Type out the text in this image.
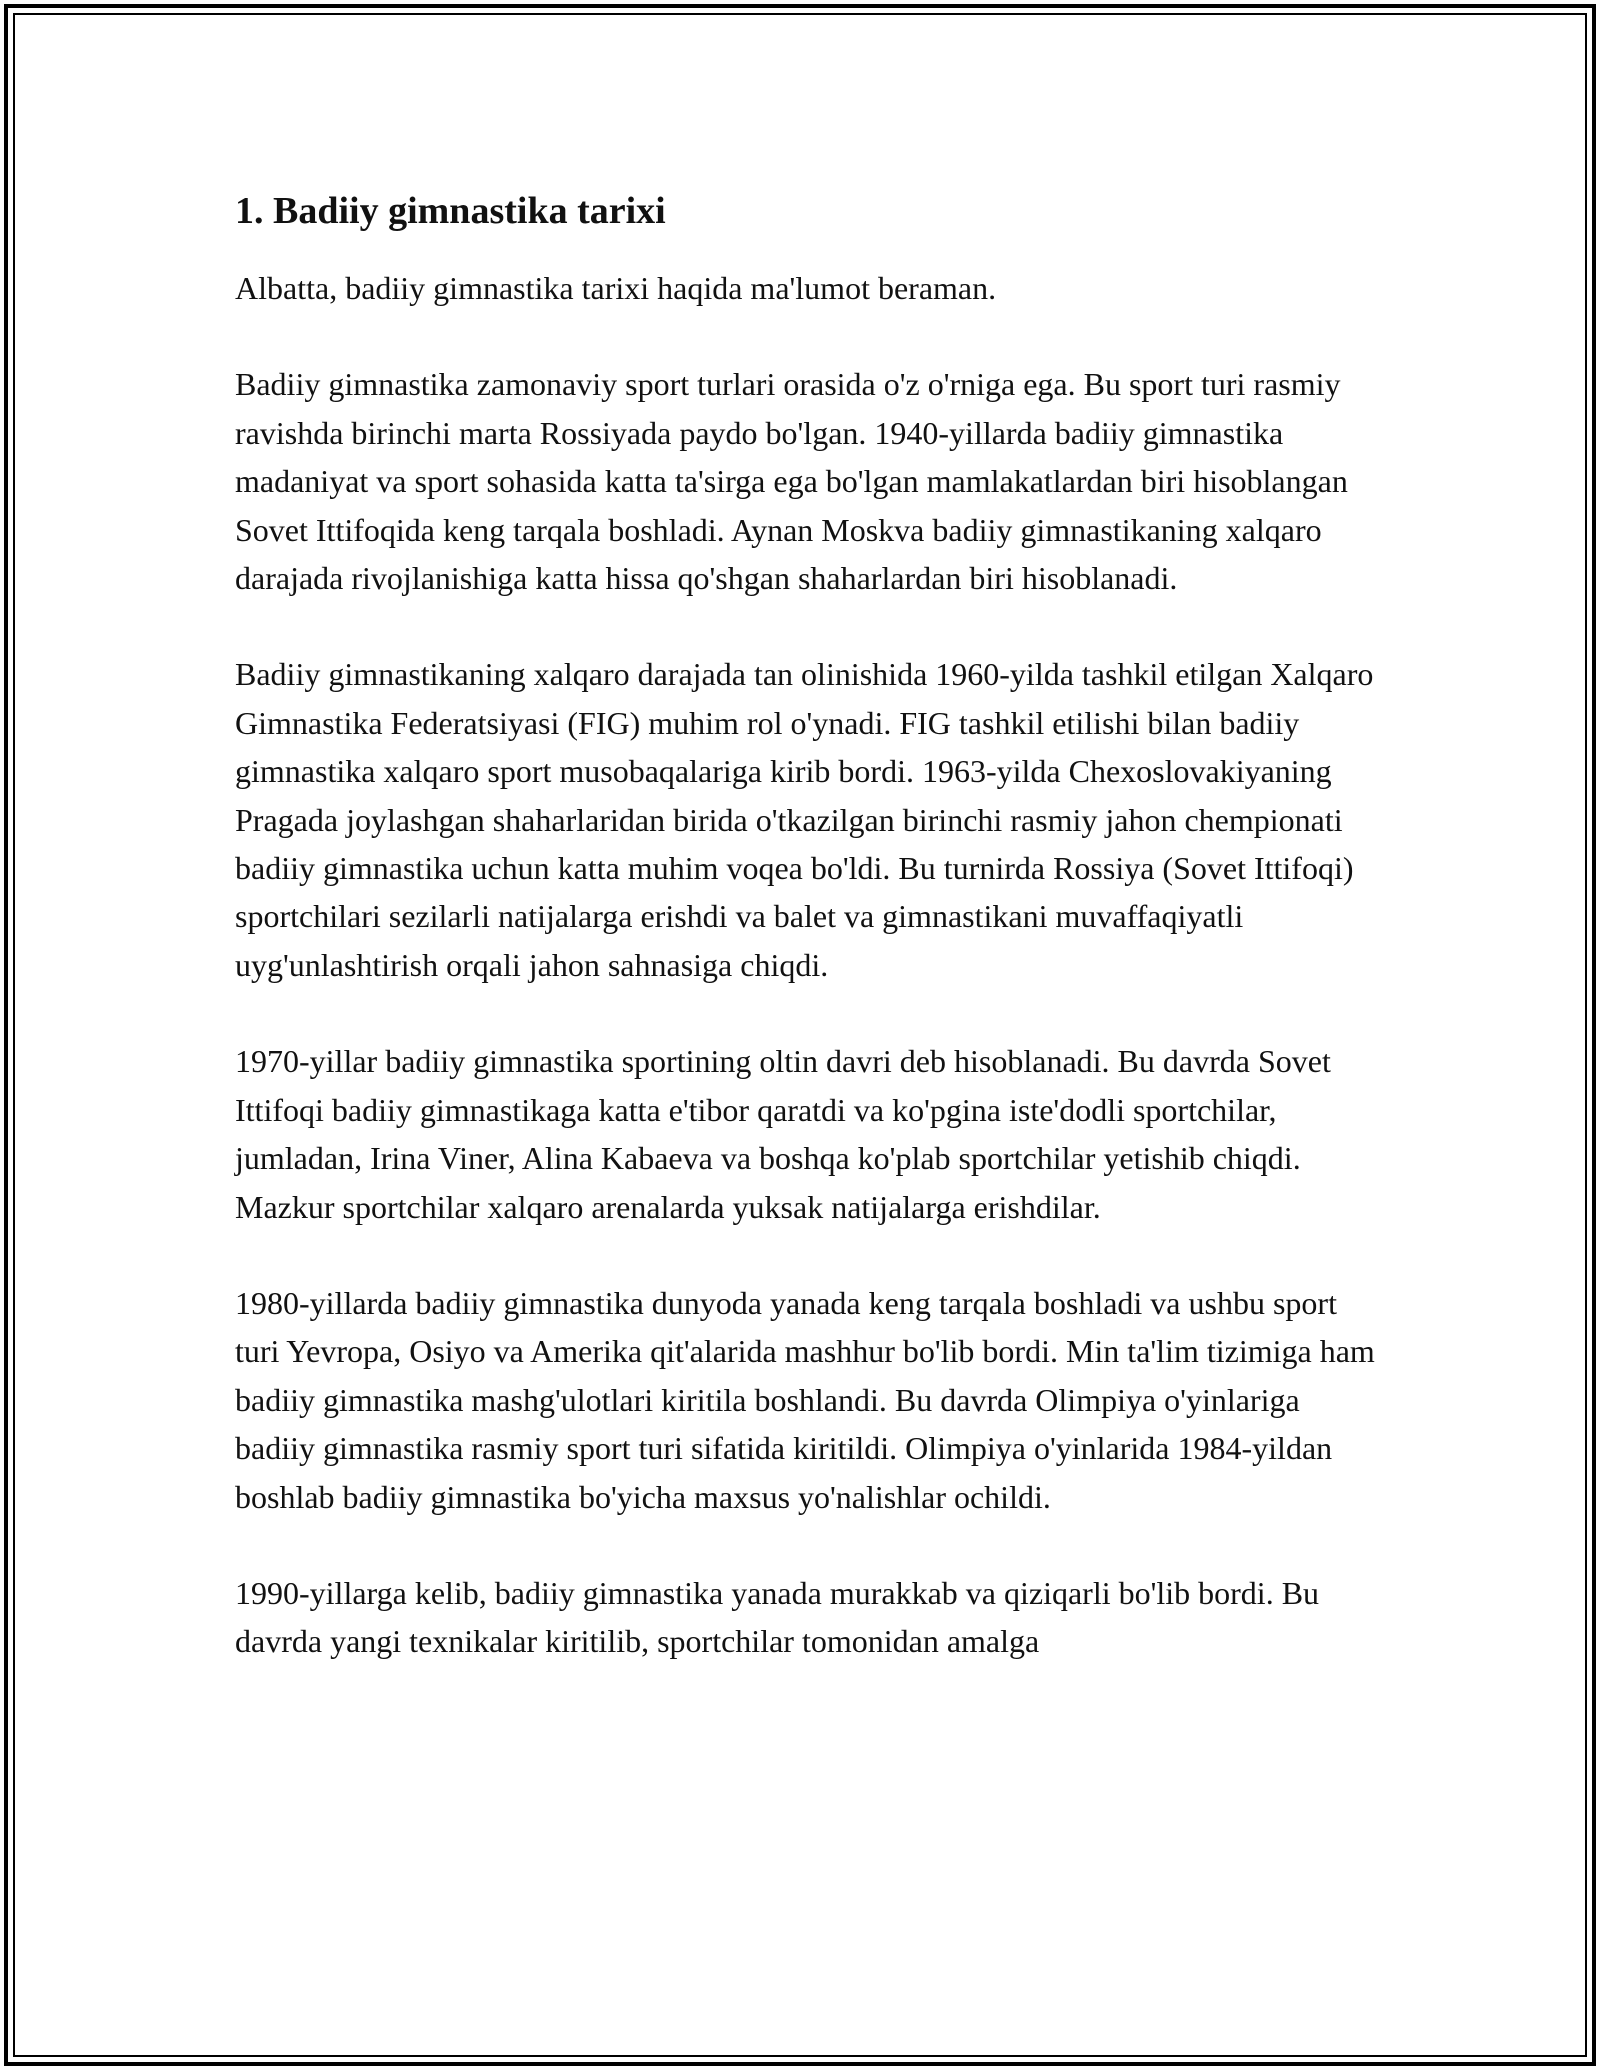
1. Badiiy gimnastika tarixi

Albatta, badiiy gimnastika tarixi haqida ma'lumot beraman.

Badiiy gimnastika zamonaviy sport turlari orasida o'z o'rniga ega. Bu sport turi rasmiy ravishda birinchi marta Rossiyada paydo bo'lgan. 1940-yillarda badiiy gimnastika madaniyat va sport sohasida katta ta'sirga ega bo'lgan mamlakatlardan biri hisoblangan Sovet Ittifoqida keng tarqala boshladi. Aynan Moskva badiiy gimnastikaning xalqaro darajada rivojlanishiga katta hissa qo'shgan shaharlardan biri hisoblanadi.

Badiiy gimnastikaning xalqaro darajada tan olinishida 1960-yilda tashkil etilgan Xalqaro Gimnastika Federatsiyasi (FIG) muhim rol o'ynadi. FIG tashkil etilishi bilan badiiy gimnastika xalqaro sport musobaqalariga kirib bordi. 1963-yilda Chexoslovakiyaning Pragada joylashgan shaharlaridan birida o'tkazilgan birinchi rasmiy jahon chempionati badiiy gimnastika uchun katta muhim voqea bo'ldi. Bu turnirda Rossiya (Sovet Ittifoqi) sportchilari sezilarli natijalarga erishdi va balet va gimnastikani muvaffaqiyatli uyg'unlashtirish orqali jahon sahnasiga chiqdi.

1970-yillar badiiy gimnastika sportining oltin davri deb hisoblanadi. Bu davrda Sovet Ittifoqi badiiy gimnastikaga katta e'tibor qaratdi va ko'pgina iste'dodli sportchilar, jumladan, Irina Viner, Alina Kabaeva va boshqa ko'plab sportchilar yetishib chiqdi. Mazkur sportchilar xalqaro arenalarda yuksak natijalarga erishdilar.

1980-yillarda badiiy gimnastika dunyoda yanada keng tarqala boshladi va ushbu sport turi Yevropa, Osiyo va Amerika qit'alarida mashhur bo'lib bordi. Min ta'lim tizimiga ham badiiy gimnastika mashg'ulotlari kiritila boshlandi. Bu davrda Olimpiya o'yinlariga badiiy gimnastika rasmiy sport turi sifatida kiritildi. Olimpiya o'yinlarida 1984-yildan boshlab badiiy gimnastika bo'yicha maxsus yo'nalishlar ochildi.

1990-yillarga kelib, badiiy gimnastika yanada murakkab va qiziqarli bo'lib bordi. Bu davrda yangi texnikalar kiritilib, sportchilar tomonidan amalga
